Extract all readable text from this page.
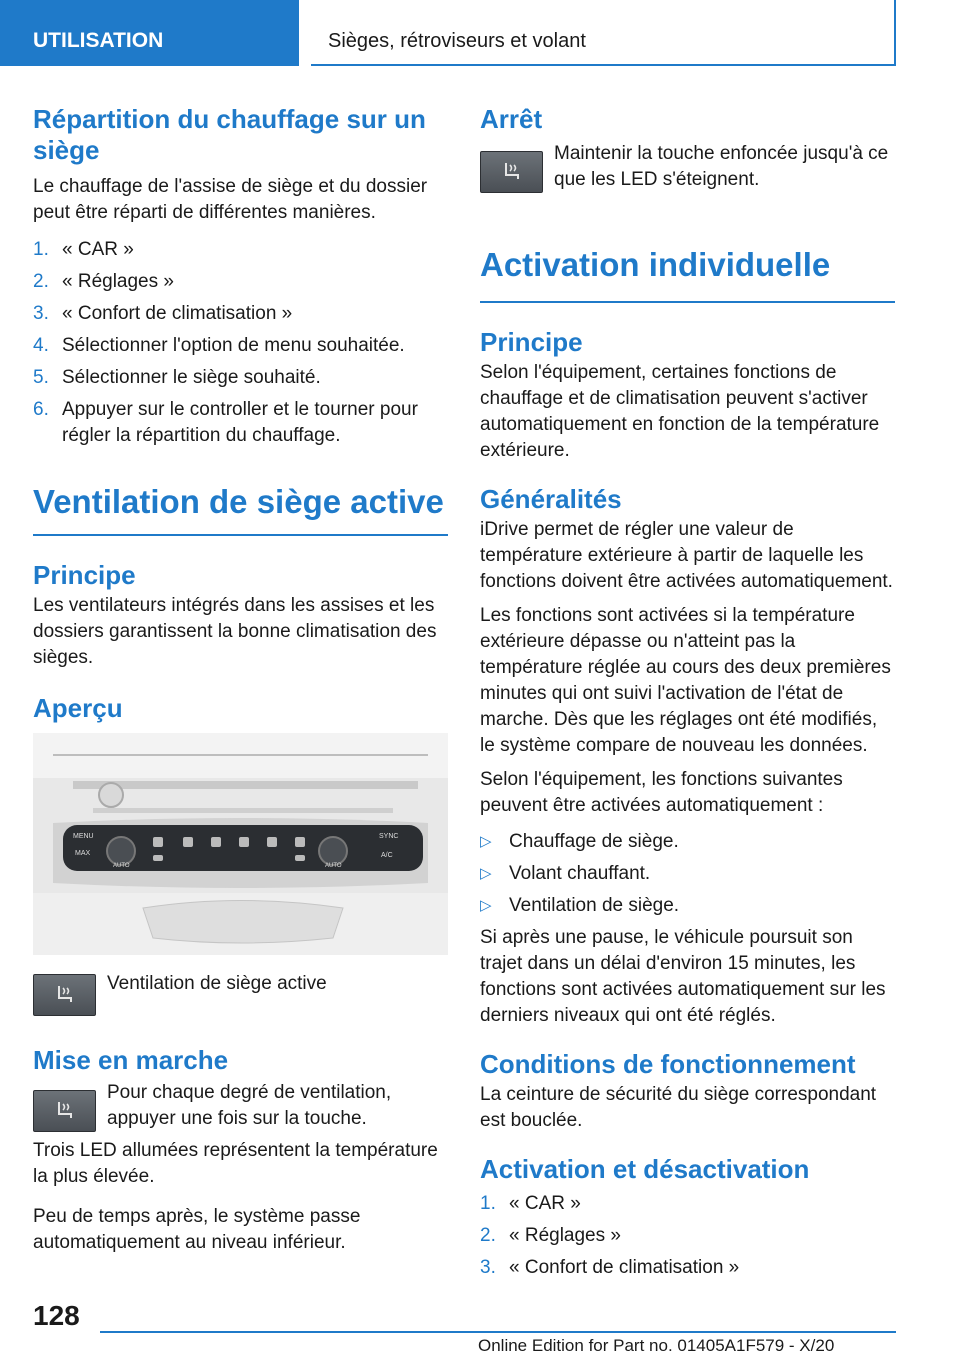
UTILISATION	Sièges, rétroviseurs et volant
Répartition du chauffage sur un siège
Le chauffage de l'assise de siège et du dossier peut être réparti de différentes manières.
1. « CAR »
2. « Réglages »
3. « Confort de climatisation »
4. Sélectionner l'option de menu souhaitée.
5. Sélectionner le siège souhaité.
6. Appuyer sur le controller et le tourner pour régler la répartition du chauffage.
Ventilation de siège active
Principe
Les ventilateurs intégrés dans les assises et les dossiers garantissent la bonne climatisation des sièges.
Aperçu
MENU
MAX
AUTO	AUTO
SYNC
A/C
Ventilation de siège active
Mise en marche
Pour chaque degré de ventilation, appuyer une fois sur la touche.
Trois LED allumées représentent la température la plus élevée.
Peu de temps après, le système passe automatiquement au niveau inférieur.
Arrêt
Maintenir la touche enfoncée jusqu'à ce que les LED s'éteignent.
Activation individuelle
Principe
Selon l'équipement, certaines fonctions de chauffage et de climatisation peuvent s'activer automatiquement en fonction de la température extérieure.
Généralités
iDrive permet de régler une valeur de température extérieure à partir de laquelle les fonctions doivent être activées automatiquement.
Les fonctions sont activées si la température extérieure dépasse ou n'atteint pas la température réglée au cours des deux premières minutes qui ont suivi l'activation de l'état de marche. Dès que les réglages ont été modifiés, le système compare de nouveau les données.
Selon l'équipement, les fonctions suivantes peuvent être activées automatiquement :
▷ Chauffage de siège.
▷ Volant chauffant.
▷ Ventilation de siège.
Si après une pause, le véhicule poursuit son trajet dans un délai d'environ 15 minutes, les fonctions sont activées automatiquement sur les derniers niveaux qui ont été réglés.
Conditions de fonctionnement
La ceinture de sécurité du siège correspondant est bouclée.
Activation et désactivation
1. « CAR »
2. « Réglages »
3. « Confort de climatisation »
128
Online Edition for Part no. 01405A1F579 - X/20
